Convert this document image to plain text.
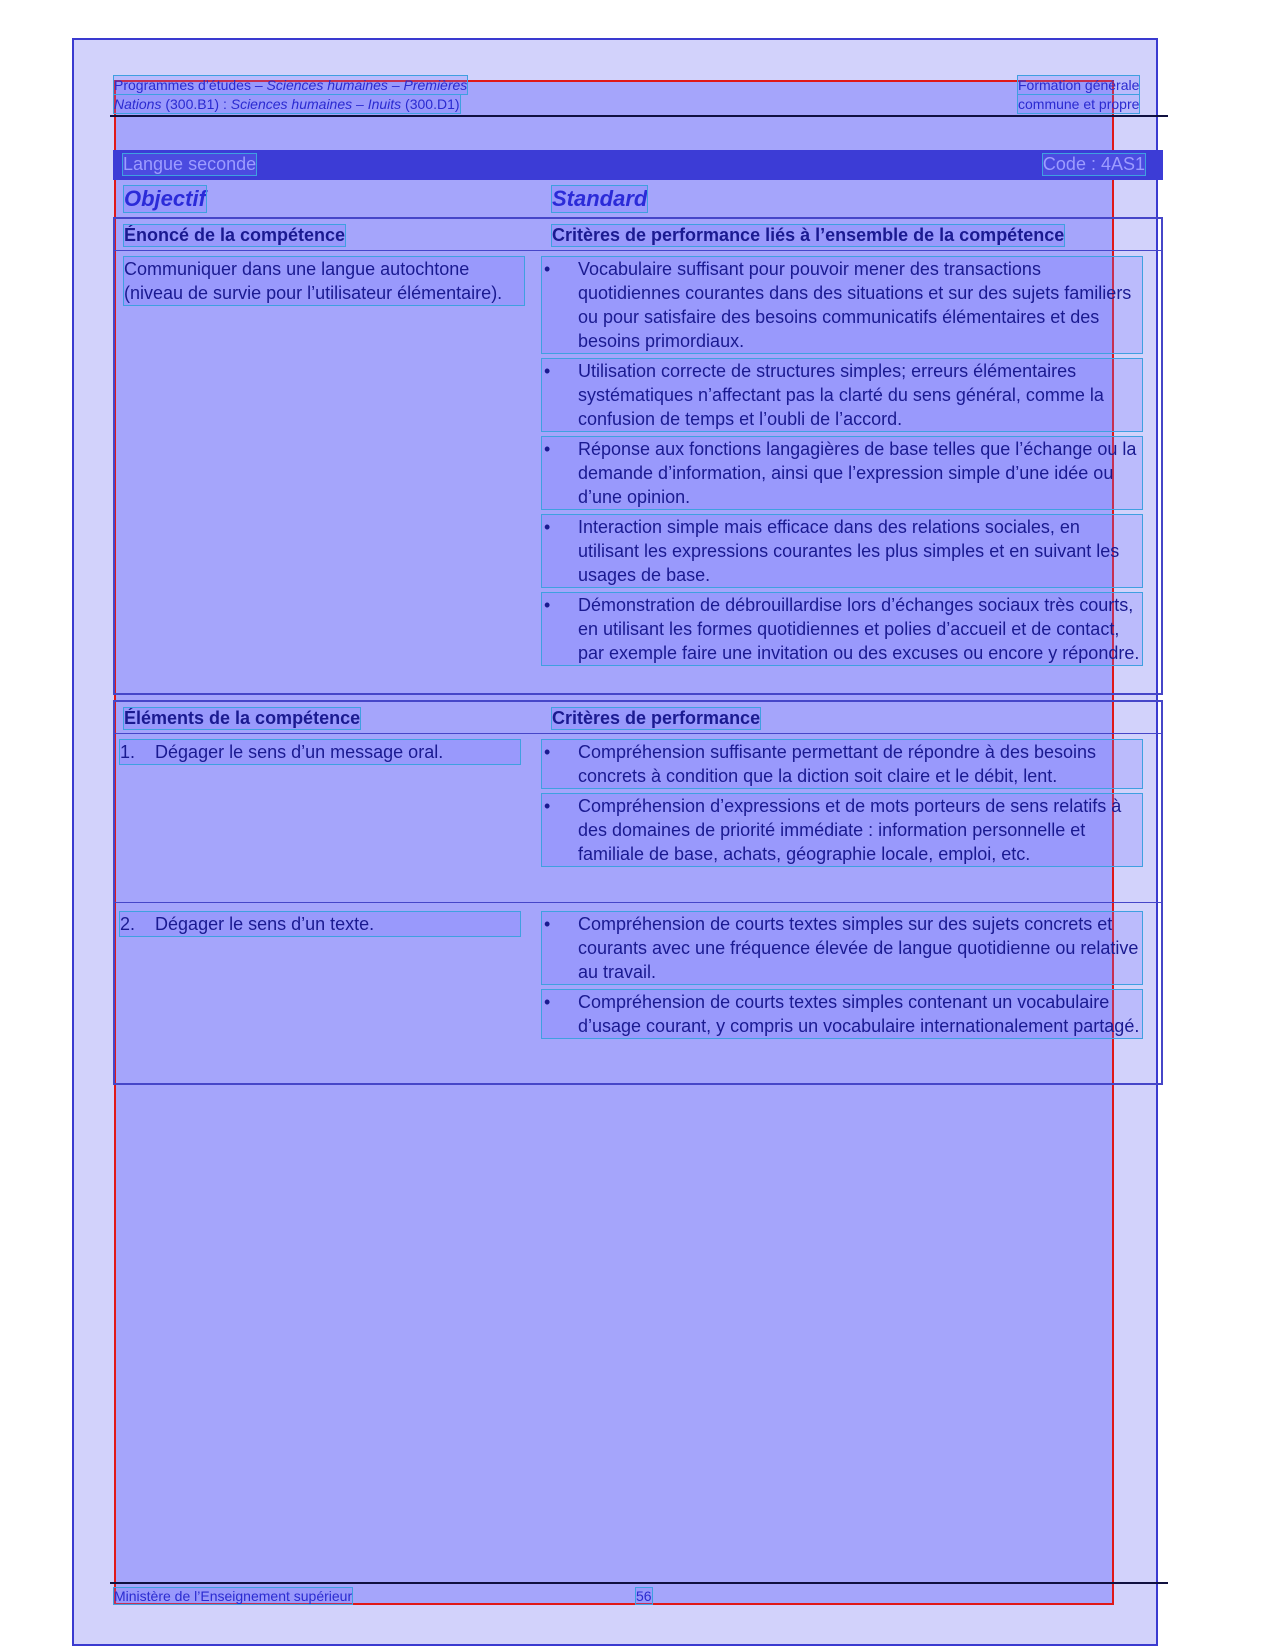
Programmes d’études – Sciences humaines – Premières
Nations (300.B1) : Sciences humaines – Inuits (300.D1)
Formation générale
commune et propre
Langue seconde	Code : 4AS1
Objectif	Standard
Énoncé de la compétence	Critères de performance liés à l’ensemble de la compétence
Communiquer dans une langue autochtone (niveau de survie pour l’utilisateur élémentaire).
• Vocabulaire suffisant pour pouvoir mener des transactions quotidiennes courantes dans des situations et sur des sujets familiers ou pour satisfaire des besoins communicatifs élémentaires et des besoins primordiaux.
• Utilisation correcte de structures simples; erreurs élémentaires systématiques n’affectant pas la clarté du sens général, comme la confusion de temps et l’oubli de l’accord.
• Réponse aux fonctions langagières de base telles que l’échange ou la demande d’information, ainsi que l’expression simple d’une idée ou d’une opinion.
• Interaction simple mais efficace dans des relations sociales, en utilisant les expressions courantes les plus simples et en suivant les usages de base.
• Démonstration de débrouillardise lors d’échanges sociaux très courts, en utilisant les formes quotidiennes et polies d’accueil et de contact, par exemple faire une invitation ou des excuses ou encore y répondre.
Éléments de la compétence	Critères de performance
1. Dégager le sens d’un message oral.	• Compréhension suffisante permettant de répondre à des besoins concrets à condition que la diction soit claire et le débit, lent.
• Compréhension d’expressions et de mots porteurs de sens relatifs à des domaines de priorité immédiate : information personnelle et familiale de base, achats, géographie locale, emploi, etc.
2. Dégager le sens d’un texte.	• Compréhension de courts textes simples sur des sujets concrets et courants avec une fréquence élevée de langue quotidienne ou relative au travail.
• Compréhension de courts textes simples contenant un vocabulaire d’usage courant, y compris un vocabulaire internationalement partagé.
Ministère de l’Enseignement supérieur	56
